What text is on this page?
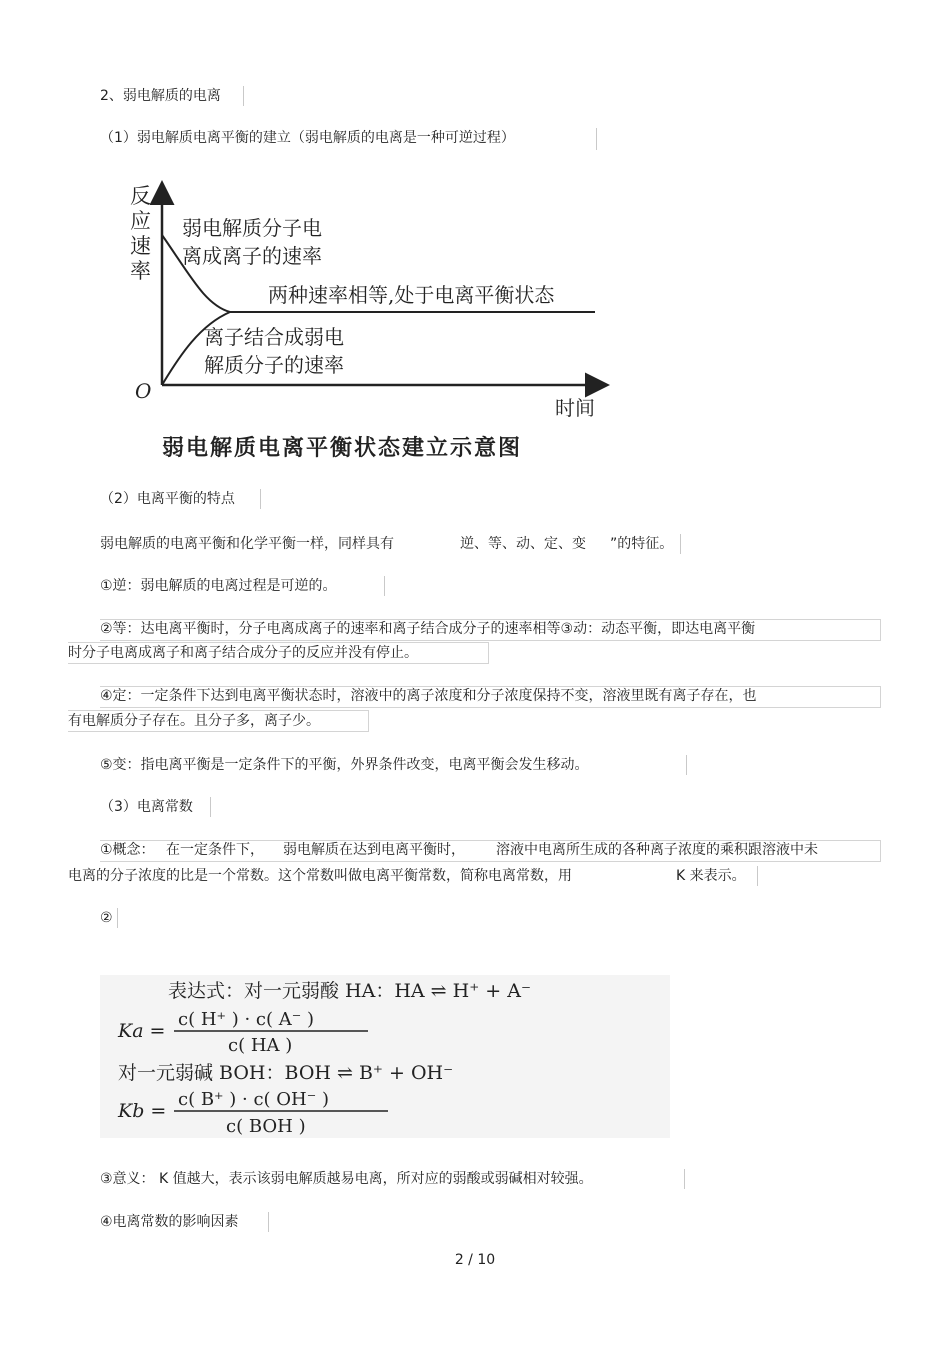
2、弱电解质的电离
（1）弱电解质电离平衡的建立（弱电解质的电离是一种可逆过程）
反
应
速
率
弱电解质分子电
离成离子的速率
两种速率相等,处于电离平衡状态
离子结合成弱电
解质分子的速率
O
时间
弱电解质电离平衡状态建立示意图
（2）电离平衡的特点
弱电解质的电离平衡和化学平衡一样，同样具有	逆、等、动、定、变 ”的特征。
①逆：弱电解质的电离过程是可逆的。
②等：达电离平衡时，分子电离成离子的速率和离子结合成分子的速率相等③动：动态平衡，即达电离平衡
时分子电离成离子和离子结合成分子的反应并没有停止。
④定：一定条件下达到电离平衡状态时，溶液中的离子浓度和分子浓度保持不变，溶液里既有离子存在，也
有电解质分子存在。且分子多，离子少。
⑤变：指电离平衡是一定条件下的平衡，外界条件改变，电离平衡会发生移动。
（3）电离常数
①概念： 在一定条件下， 弱电解质在达到电离平衡时， 溶液中电离所生成的各种离子浓度的乘积跟溶液中未
电离的分子浓度的比是一个常数。这个常数叫做电离平衡常数，简称电离常数，用	K 来表示。
②
表达式：对一元弱酸 HA：HA ⇌ H⁺ + A⁻
Ka =
c( H⁺ ) · c( A⁻ )
c( HA )
对一元弱碱 BOH：BOH ⇌ B⁺ + OH⁻
Kb =
c( B⁺ ) · c( OH⁻ )
c( BOH )
③意义： K 值越大，表示该弱电解质越易电离，所对应的弱酸或弱碱相对较强。
④电离常数的影响因素
2 / 10
